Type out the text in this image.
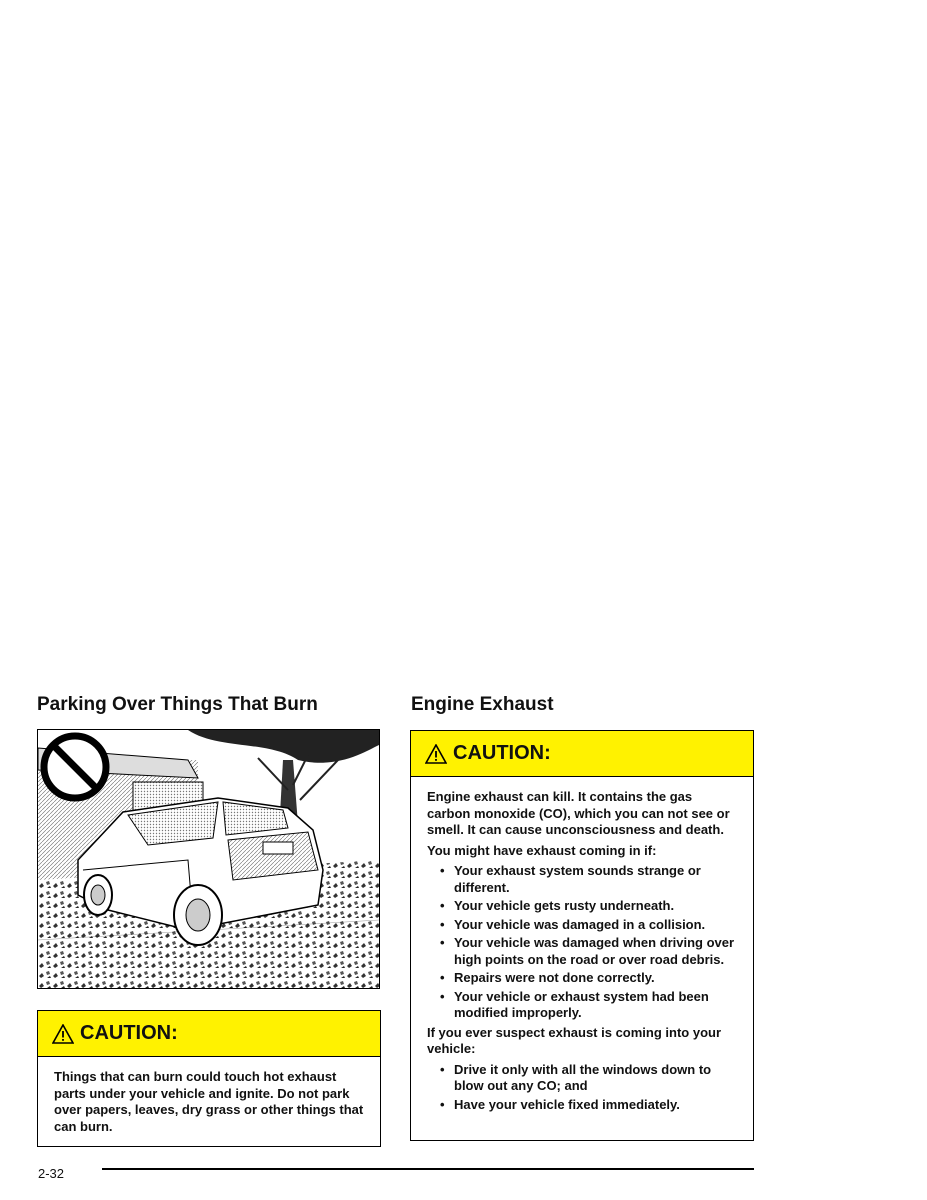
Parking Over Things That Burn	Engine Exhaust
CAUTION:

Things that can burn could touch hot exhaust parts under your vehicle and ignite. Do not park over papers, leaves, dry grass or other things that can burn.

CAUTION:

Engine exhaust can kill. It contains the gas carbon monoxide (CO), which you can not see or smell. It can cause unconsciousness and death.

You might have exhaust coming in if:

• Your exhaust system sounds strange or different.
• Your vehicle gets rusty underneath.
• Your vehicle was damaged in a collision.
• Your vehicle was damaged when driving over high points on the road or over road debris.
• Repairs were not done correctly.
• Your vehicle or exhaust system had been modified improperly.

If you ever suspect exhaust is coming into your vehicle:

• Drive it only with all the windows down to blow out any CO; and
• Have your vehicle fixed immediately.
2-32
